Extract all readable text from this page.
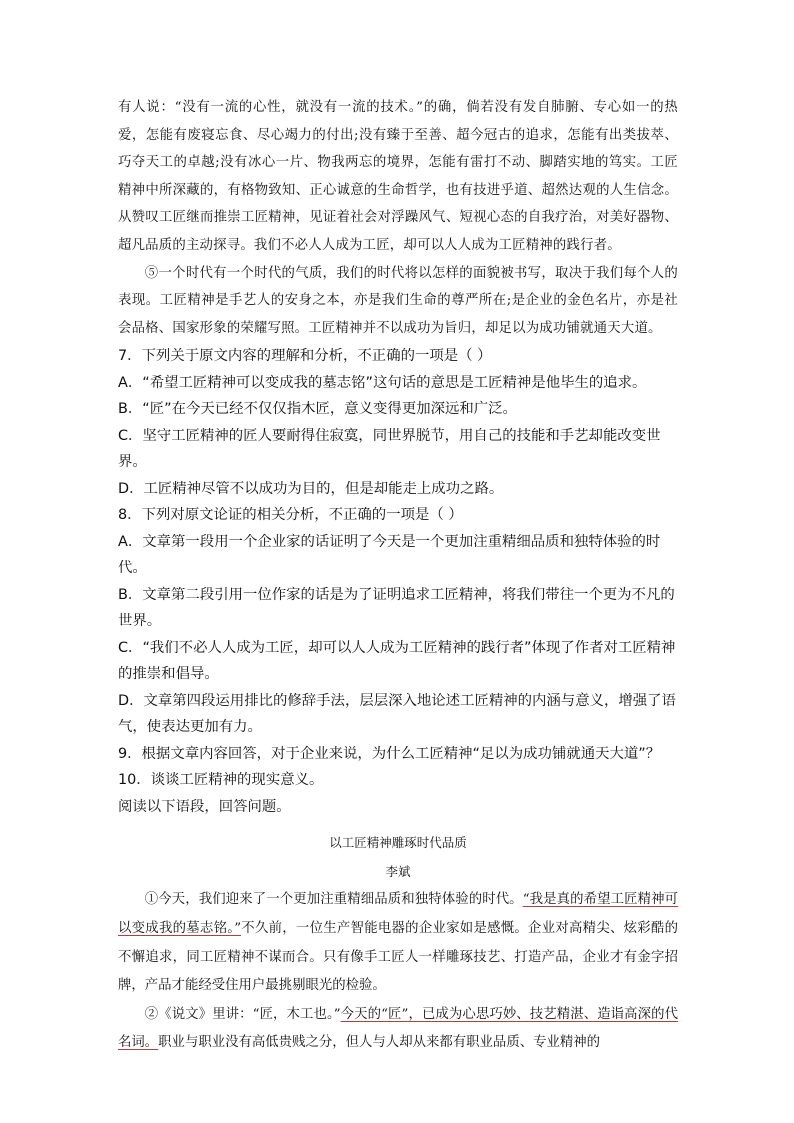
有人说：“没有一流的心性，就没有一流的技术。”的确，倘若没有发自肺腑、专心如一的热爱，怎能有废寝忘食、尽心竭力的付出;没有臻于至善、超今冠古的追求，怎能有出类拔萃、巧夺天工的卓越;没有冰心一片、物我两忘的境界，怎能有雷打不动、脚踏实地的笃实。工匠精神中所深藏的，有格物致知、正心诚意的生命哲学，也有技进乎道、超然达观的人生信念。从赞叹工匠继而推崇工匠精神，见证着社会对浮躁风气、短视心态的自我疗治，对美好器物、超凡品质的主动探寻。我们不必人人成为工匠，却可以人人成为工匠精神的践行者。

⑤一个时代有一个时代的气质，我们的时代将以怎样的面貌被书写，取决于我们每个人的表现。工匠精神是手艺人的安身之本，亦是我们生命的尊严所在;是企业的金色名片，亦是社会品格、国家形象的荣耀写照。工匠精神并不以成功为旨归，却足以为成功铺就通天大道。

7．下列关于原文内容的理解和分析，不正确的一项是（ ）

A．“希望工匠精神可以变成我的墓志铭”这句话的意思是工匠精神是他毕生的追求。

B．“匠”在今天已经不仅仅指木匠，意义变得更加深远和广泛。

C．坚守工匠精神的匠人要耐得住寂寞，同世界脱节，用自己的技能和手艺却能改变世界。

D．工匠精神尽管不以成功为目的，但是却能走上成功之路。

8．下列对原文论证的相关分析，不正确的一项是（ ）

A．文章第一段用一个企业家的话证明了今天是一个更加注重精细品质和独特体验的时代。

B．文章第二段引用一位作家的话是为了证明追求工匠精神，将我们带往一个更为不凡的世界。

C．“我们不必人人成为工匠，却可以人人成为工匠精神的践行者”体现了作者对工匠精神的推崇和倡导。

D．文章第四段运用排比的修辞手法，层层深入地论述工匠精神的内涵与意义，增强了语气，使表达更加有力。

9．根据文章内容回答，对于企业来说，为什么工匠精神“足以为成功铺就通天大道”？

10．谈谈工匠精神的现实意义。

阅读以下语段，回答问题。

以工匠精神雕琢时代品质
李斌

①今天，我们迎来了一个更加注重精细品质和独特体验的时代。“我是真的希望工匠精神可以变成我的墓志铭。”不久前，一位生产智能电器的企业家如是感慨。企业对高精尖、炫彩酷的不懈追求，同工匠精神不谋而合。只有像手工匠人一样雕琢技艺、打造产品，企业才有金字招牌，产品才能经受住用户最挑剔眼光的检验。

②《说文》里讲：“匠，木工也。”今天的“匠”，已成为心思巧妙、技艺精湛、造诣高深的代名词。职业与职业没有高低贵贱之分，但人与人却从来都有职业品质、专业精神的
